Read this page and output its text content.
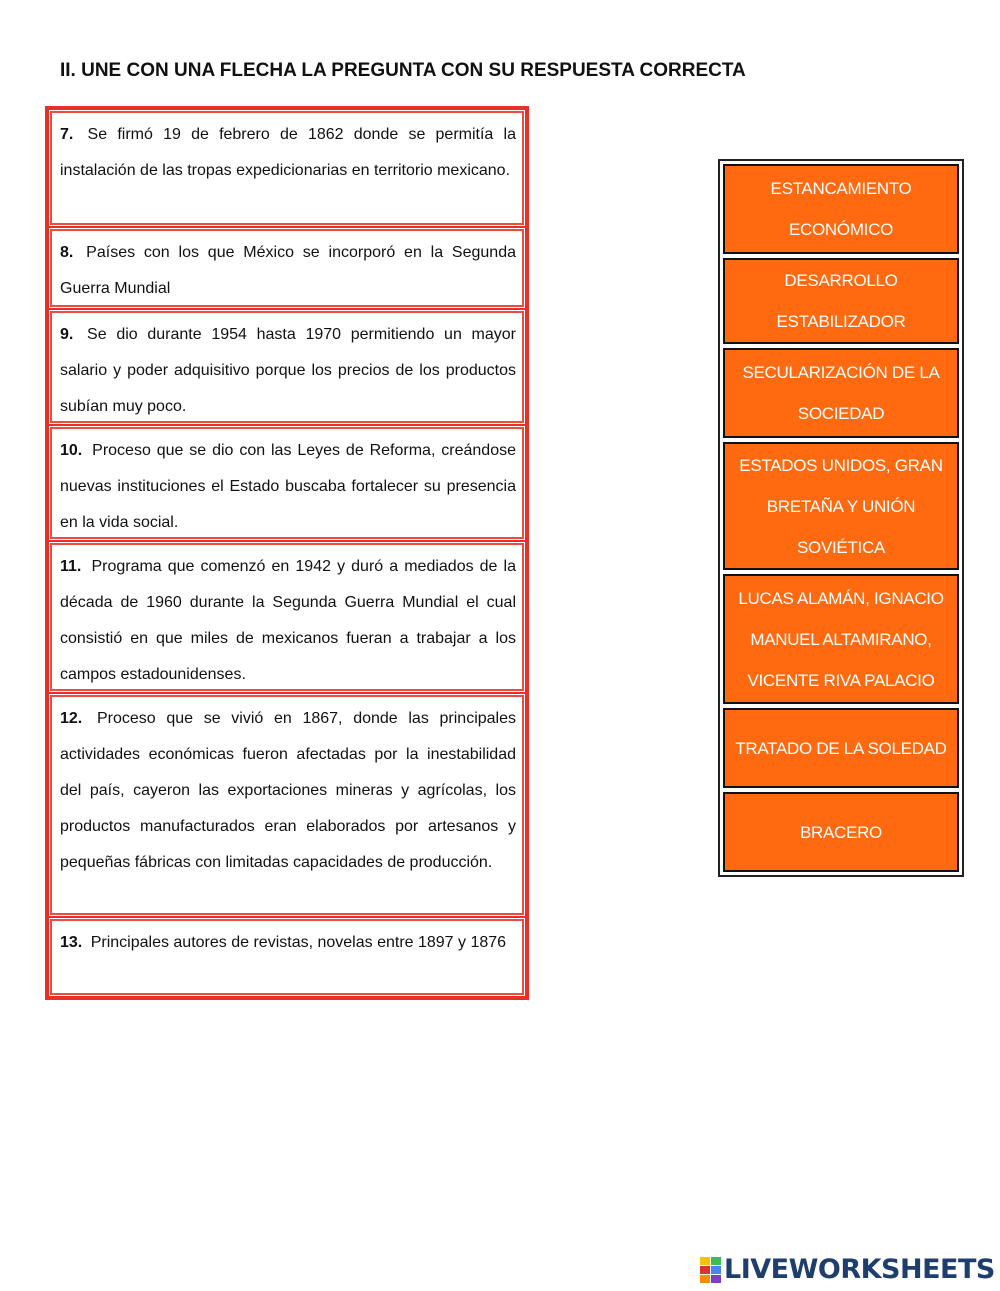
II. UNE CON UNA FLECHA LA PREGUNTA CON SU RESPUESTA CORRECTA
7. Se firmó 19 de febrero de 1862 donde se permitía la instalación de las tropas expedicionarias en territorio mexicano.
8. Países con los que México se incorporó en la Segunda Guerra Mundial
9. Se dio durante 1954 hasta 1970 permitiendo un mayor salario y poder adquisitivo porque los precios de los productos subían muy poco.
10. Proceso que se dio con las Leyes de Reforma, creándose nuevas instituciones el Estado buscaba fortalecer su presencia en la vida social.
11. Programa que comenzó en 1942 y duró a mediados de la década de 1960 durante la Segunda Guerra Mundial el cual consistió en que miles de mexicanos fueran a trabajar a los campos estadounidenses.
12. Proceso que se vivió en 1867, donde las principales actividades económicas fueron afectadas por la inestabilidad del país, cayeron las exportaciones mineras y agrícolas, los productos manufacturados eran elaborados por artesanos y pequeñas fábricas con limitadas capacidades de producción.
13. Principales autores de revistas, novelas entre 1897 y 1876
ESTANCAMIENTO ECONÓMICO
DESARROLLO ESTABILIZADOR
SECULARIZACIÓN DE LA SOCIEDAD
ESTADOS UNIDOS, GRAN BRETAÑA Y UNIÓN SOVIÉTICA
LUCAS ALAMÁN, IGNACIO MANUEL ALTAMIRANO, VICENTE RIVA PALACIO
TRATADO DE LA SOLEDAD
BRACERO
LIVEWORKSHEETS
